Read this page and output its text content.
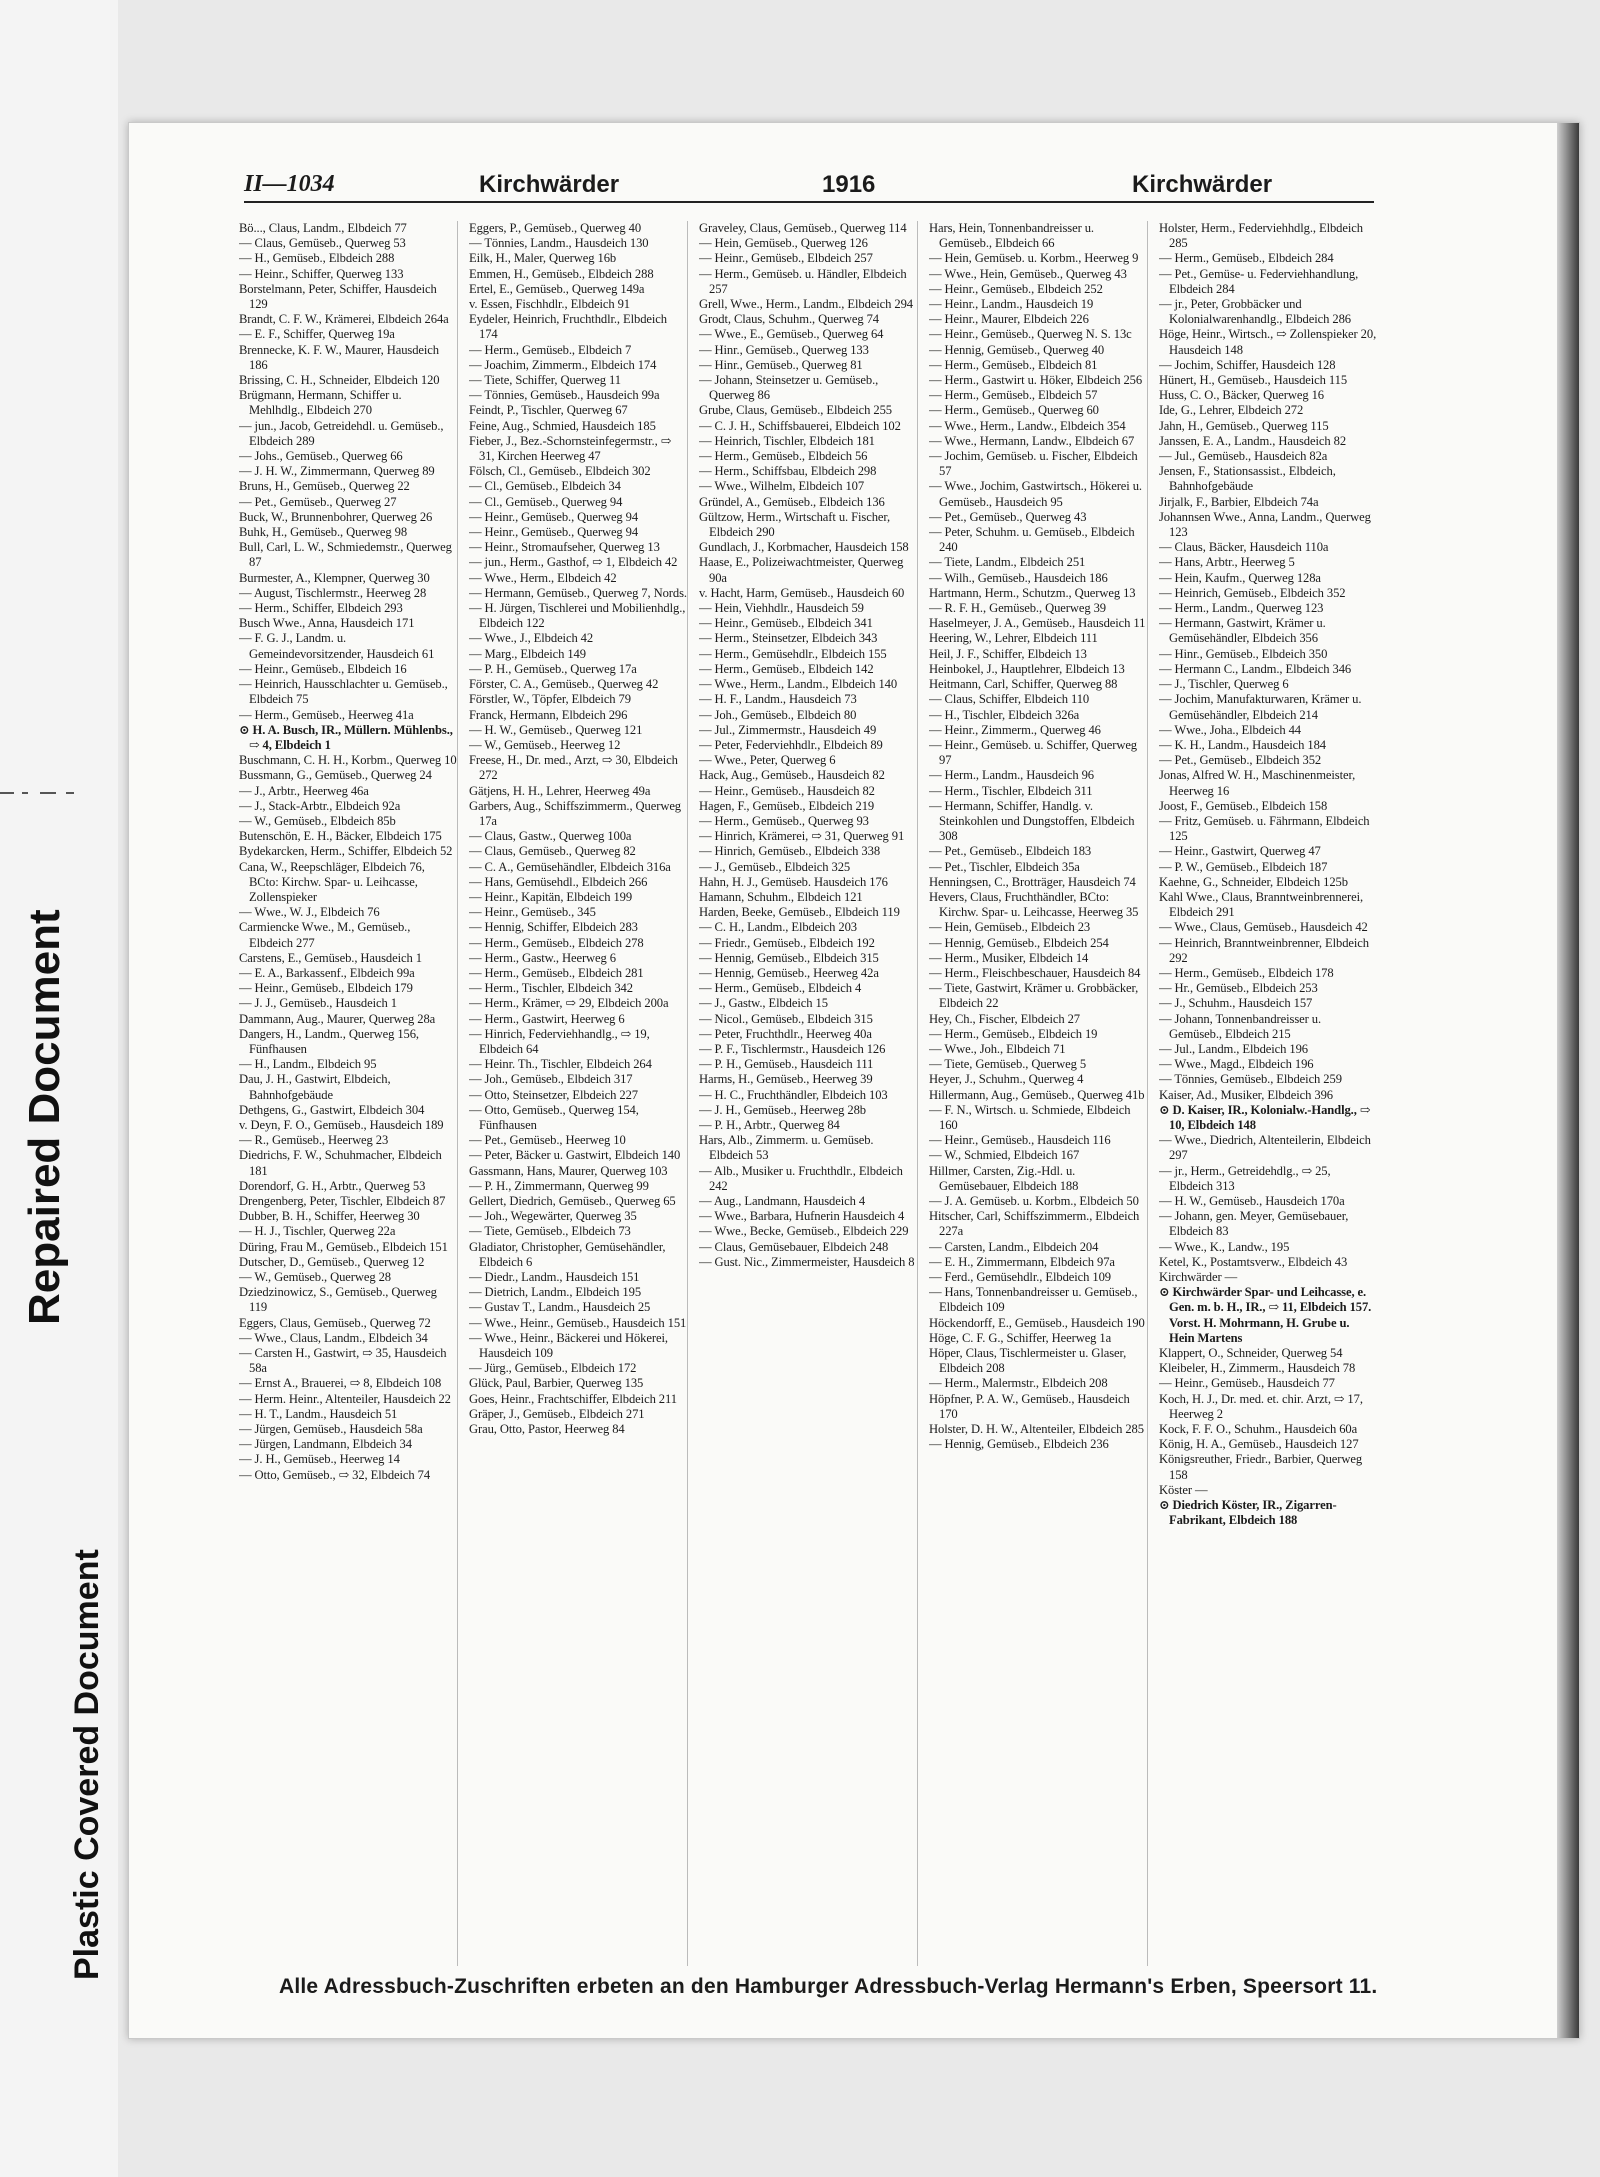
Repaired Document
Plastic Covered Document
II—1034	Kirchwärder	1916	Kirchwärder

Bö..., Claus, Landm., Elbdeich 77

— Claus, Gemüseb., Querweg 53

— H., Gemüseb., Elbdeich 288

— Heinr., Schiffer, Querweg 133

Borstelmann, Peter, Schiffer, Hausdeich 129

Brandt, C. F. W., Krämerei, Elbdeich 264a

— E. F., Schiffer, Querweg 19a

Brennecke, K. F. W., Maurer, Hausdeich 186

Brissing, C. H., Schneider, Elbdeich 120

Brügmann, Hermann, Schiffer u. Mehlhdlg., Elbdeich 270

— jun., Jacob, Getreidehdl. u. Gemüseb., Elbdeich 289

— Johs., Gemüseb., Querweg 66

— J. H. W., Zimmermann, Querweg 89

Bruns, H., Gemüseb., Querweg 22

— Pet., Gemüseb., Querweg 27

Buck, W., Brunnenbohrer, Querweg 26

Buhk, H., Gemüseb., Querweg 98

Bull, Carl, L. W., Schmiedemstr., Querweg 87

Burmester, A., Klempner, Querweg 30

— August, Tischlermstr., Heerweg 28

— Herm., Schiffer, Elbdeich 293

Busch Wwe., Anna, Hausdeich 171

— F. G. J., Landm. u. Gemeindevorsitzender, Hausdeich 61

— Heinr., Gemüseb., Elbdeich 16

— Heinrich, Hausschlachter u. Gemüseb., Elbdeich 75

— Herm., Gemüseb., Heerweg 41a

⊙ H. A. Busch, IR., Müllern. Mühlenbs., ⇨ 4, Elbdeich 1

Buschmann, C. H. H., Korbm., Querweg 10

Bussmann, G., Gemüseb., Querweg 24

— J., Arbtr., Heerweg 46a

— J., Stack-Arbtr., Elbdeich 92a

— W., Gemüseb., Elbdeich 85b

Butenschön, E. H., Bäcker, Elbdeich 175

Bydekarcken, Herm., Schiffer, Elbdeich 52

Cana, W., Reepschläger, Elbdeich 76, BCto: Kirchw. Spar- u. Leihcasse, Zollenspieker

— Wwe., W. J., Elbdeich 76

Carmiencke Wwe., M., Gemüseb., Elbdeich 277

Carstens, E., Gemüseb., Hausdeich 1

— E. A., Barkassenf., Elbdeich 99a

— Heinr., Gemüseb., Elbdeich 179

— J. J., Gemüseb., Hausdeich 1

Dammann, Aug., Maurer, Querweg 28a

Dangers, H., Landm., Querweg 156, Fünfhausen

— H., Landm., Elbdeich 95

Dau, J. H., Gastwirt, Elbdeich, Bahnhofgebäude

Dethgens, G., Gastwirt, Elbdeich 304

v. Deyn, F. O., Gemüseb., Hausdeich 189

— R., Gemüseb., Heerweg 23

Diedrichs, F. W., Schuhmacher, Elbdeich 181

Dorendorf, G. H., Arbtr., Querweg 53

Drengenberg, Peter, Tischler, Elbdeich 87

Dubber, B. H., Schiffer, Heerweg 30

— H. J., Tischler, Querweg 22a

Düring, Frau M., Gemüseb., Elbdeich 151

Dutscher, D., Gemüseb., Querweg 12

— W., Gemüseb., Querweg 28

Dziedzinowicz, S., Gemüseb., Querweg 119

Eggers, Claus, Gemüseb., Querweg 72

— Wwe., Claus, Landm., Elbdeich 34

— Carsten H., Gastwirt, ⇨ 35, Hausdeich 58a

— Ernst A., Brauerei, ⇨ 8, Elbdeich 108

— Herm. Heinr., Altenteiler, Hausdeich 22

— H. T., Landm., Hausdeich 51

— Jürgen, Gemüseb., Hausdeich 58a

— Jürgen, Landmann, Elbdeich 34

— J. H., Gemüseb., Heerweg 14

— Otto, Gemüseb., ⇨ 32, Elbdeich 74

Eggers, P., Gemüseb., Querweg 40

— Tönnies, Landm., Hausdeich 130

Eilk, H., Maler, Querweg 16b

Emmen, H., Gemüseb., Elbdeich 288

Ertel, E., Gemüseb., Querweg 149a

v. Essen, Fischhdlr., Elbdeich 91

Eydeler, Heinrich, Fruchthdlr., Elbdeich 174

— Herm., Gemüseb., Elbdeich 7

— Joachim, Zimmerm., Elbdeich 174

— Tiete, Schiffer, Querweg 11

— Tönnies, Gemüseb., Hausdeich 99a

Feindt, P., Tischler, Querweg 67

Feine, Aug., Schmied, Hausdeich 185

Fieber, J., Bez.-Schornsteinfegermstr., ⇨ 31, Kirchen Heerweg 47

Fölsch, Cl., Gemüseb., Elbdeich 302

— Cl., Gemüseb., Elbdeich 34

— Cl., Gemüseb., Querweg 94

— Heinr., Gemüseb., Querweg 94

— Heinr., Gemüseb., Querweg 94

— Heinr., Stromaufseher, Querweg 13

— jun., Herm., Gasthof, ⇨ 1, Elbdeich 42

— Wwe., Herm., Elbdeich 42

— Hermann, Gemüseb., Querweg 7, Nords.

— H. Jürgen, Tischlerei und Mobilienhdlg., Elbdeich 122

— Wwe., J., Elbdeich 42

— Marg., Elbdeich 149

— P. H., Gemüseb., Querweg 17a

Förster, C. A., Gemüseb., Querweg 42

Förstler, W., Töpfer, Elbdeich 79

Franck, Hermann, Elbdeich 296

— H. W., Gemüseb., Querweg 121

— W., Gemüseb., Heerweg 12

Freese, H., Dr. med., Arzt, ⇨ 30, Elbdeich 272

Gätjens, H. H., Lehrer, Heerweg 49a

Garbers, Aug., Schiffszimmerm., Querweg 17a

— Claus, Gastw., Querweg 100a

— Claus, Gemüseb., Querweg 82

— C. A., Gemüsehändler, Elbdeich 316a

— Hans, Gemüsehdl., Elbdeich 266

— Heinr., Kapitän, Elbdeich 199

— Heinr., Gemüseb., 345

— Hennig, Schiffer, Elbdeich 283

— Herm., Gemüseb., Elbdeich 278

— Herm., Gastw., Heerweg 6

— Herm., Gemüseb., Elbdeich 281

— Herm., Tischler, Elbdeich 342

— Herm., Krämer, ⇨ 29, Elbdeich 200a

— Herm., Gastwirt, Heerweg 6

— Hinrich, Federviehhandlg., ⇨ 19, Elbdeich 64

— Heinr. Th., Tischler, Elbdeich 264

— Joh., Gemüseb., Elbdeich 317

— Otto, Steinsetzer, Elbdeich 227

— Otto, Gemüseb., Querweg 154, Fünfhausen

— Pet., Gemüseb., Heerweg 10

— Peter, Bäcker u. Gastwirt, Elbdeich 140

Gassmann, Hans, Maurer, Querweg 103

— P. H., Zimmermann, Querweg 99

Gellert, Diedrich, Gemüseb., Querweg 65

— Joh., Wegewärter, Querweg 35

— Tiete, Gemüseb., Elbdeich 73

Gladiator, Christopher, Gemüsehändler, Elbdeich 6

— Diedr., Landm., Hausdeich 151

— Dietrich, Landm., Elbdeich 195

— Gustav T., Landm., Hausdeich 25

— Wwe., Heinr., Gemüseb., Hausdeich 151

— Wwe., Heinr., Bäckerei und Hökerei, Hausdeich 109

— Jürg., Gemüseb., Elbdeich 172

Glück, Paul, Barbier, Querweg 135

Goes, Heinr., Frachtschiffer, Elbdeich 211

Gräper, J., Gemüseb., Elbdeich 271

Grau, Otto, Pastor, Heerweg 84

Graveley, Claus, Gemüseb., Querweg 114

— Hein, Gemüseb., Querweg 126

— Heinr., Gemüseb., Elbdeich 257

— Herm., Gemüseb. u. Händler, Elbdeich 257

Grell, Wwe., Herm., Landm., Elbdeich 294

Grodt, Claus, Schuhm., Querweg 74

— Wwe., E., Gemüseb., Querweg 64

— Hinr., Gemüseb., Querweg 133

— Hinr., Gemüseb., Querweg 81

— Johann, Steinsetzer u. Gemüseb., Querweg 86

Grube, Claus, Gemüseb., Elbdeich 255

— C. J. H., Schiffsbauerei, Elbdeich 102

— Heinrich, Tischler, Elbdeich 181

— Herm., Gemüseb., Elbdeich 56

— Herm., Schiffsbau, Elbdeich 298

— Wwe., Wilhelm, Elbdeich 107

Gründel, A., Gemüseb., Elbdeich 136

Gültzow, Herm., Wirtschaft u. Fischer, Elbdeich 290

Gundlach, J., Korbmacher, Hausdeich 158

Haase, E., Polizeiwachtmeister, Querweg 90a

v. Hacht, Harm, Gemüseb., Hausdeich 60

— Hein, Viehhdlr., Hausdeich 59

— Heinr., Gemüseb., Elbdeich 341

— Herm., Steinsetzer, Elbdeich 343

— Herm., Gemüsehdlr., Elbdeich 155

— Herm., Gemüseb., Elbdeich 142

— Wwe., Herm., Landm., Elbdeich 140

— H. F., Landm., Hausdeich 73

— Joh., Gemüseb., Elbdeich 80

— Jul., Zimmermstr., Hausdeich 49

— Peter, Federviehhdlr., Elbdeich 89

— Wwe., Peter, Querweg 6

Hack, Aug., Gemüseb., Hausdeich 82

— Heinr., Gemüseb., Hausdeich 82

Hagen, F., Gemüseb., Elbdeich 219

— Herm., Gemüseb., Querweg 93

— Hinrich, Krämerei, ⇨ 31, Querweg 91

— Hinrich, Gemüseb., Elbdeich 338

— J., Gemüseb., Elbdeich 325

Hahn, H. J., Gemüseb. Hausdeich 176

Hamann, Schuhm., Elbdeich 121

Harden, Beeke, Gemüseb., Elbdeich 119

— C. H., Landm., Elbdeich 203

— Friedr., Gemüseb., Elbdeich 192

— Hennig, Gemüseb., Elbdeich 315

— Hennig, Gemüseb., Heerweg 42a

— Herm., Gemüseb., Elbdeich 4

— J., Gastw., Elbdeich 15

— Nicol., Gemüseb., Elbdeich 315

— Peter, Fruchthdlr., Heerweg 40a

— P. F., Tischlermstr., Hausdeich 126

— P. H., Gemüseb., Hausdeich 111

Harms, H., Gemüseb., Heerweg 39

— H. C., Fruchthändler, Elbdeich 103

— J. H., Gemüseb., Heerweg 28b

— P. H., Arbtr., Querweg 84

Hars, Alb., Zimmerm. u. Gemüseb. Elbdeich 53

— Alb., Musiker u. Fruchthdlr., Elbdeich 242

— Aug., Landmann, Hausdeich 4

— Wwe., Barbara, Hufnerin Hausdeich 4

— Wwe., Becke, Gemüseb., Elbdeich 229

— Claus, Gemüsebauer, Elbdeich 248

— Gust. Nic., Zimmermeister, Hausdeich 8

Hars, Hein, Tonnenbandreisser u. Gemüseb., Elbdeich 66

— Hein, Gemüseb. u. Korbm., Heerweg 9

— Wwe., Hein, Gemüseb., Querweg 43

— Heinr., Gemüseb., Elbdeich 252

— Heinr., Landm., Hausdeich 19

— Heinr., Maurer, Elbdeich 226

— Heinr., Gemüseb., Querweg N. S. 13c

— Hennig, Gemüseb., Querweg 40

— Herm., Gemüseb., Elbdeich 81

— Herm., Gastwirt u. Höker, Elbdeich 256

— Herm., Gemüseb., Elbdeich 57

— Herm., Gemüseb., Querweg 60

— Wwe., Herm., Landw., Elbdeich 354

— Wwe., Hermann, Landw., Elbdeich 67

— Jochim, Gemüseb. u. Fischer, Elbdeich 57

— Wwe., Jochim, Gastwirtsch., Hökerei u. Gemüseb., Hausdeich 95

— Pet., Gemüseb., Querweg 43

— Peter, Schuhm. u. Gemüseb., Elbdeich 240

— Tiete, Landm., Elbdeich 251

— Wilh., Gemüseb., Hausdeich 186

Hartmann, Herm., Schutzm., Querweg 13

— R. F. H., Gemüseb., Querweg 39

Haselmeyer, J. A., Gemüseb., Hausdeich 11

Heering, W., Lehrer, Elbdeich 111

Heil, J. F., Schiffer, Elbdeich 13

Heinbokel, J., Hauptlehrer, Elbdeich 13

Heitmann, Carl, Schiffer, Querweg 88

— Claus, Schiffer, Elbdeich 110

— H., Tischler, Elbdeich 326a

— Heinr., Zimmerm., Querweg 46

— Heinr., Gemüseb. u. Schiffer, Querweg 97

— Herm., Landm., Hausdeich 96

— Herm., Tischler, Elbdeich 311

— Hermann, Schiffer, Handlg. v. Steinkohlen und Dungstoffen, Elbdeich 308

— Pet., Gemüseb., Elbdeich 183

— Pet., Tischler, Elbdeich 35a

Henningsen, C., Brotträger, Hausdeich 74

Hevers, Claus, Fruchthändler, BCto: Kirchw. Spar- u. Leihcasse, Heerweg 35

— Hein, Gemüseb., Elbdeich 23

— Hennig, Gemüseb., Elbdeich 254

— Herm., Musiker, Elbdeich 14

— Herm., Fleischbeschauer, Hausdeich 84

— Tiete, Gastwirt, Krämer u. Grobbäcker, Elbdeich 22

Hey, Ch., Fischer, Elbdeich 27

— Herm., Gemüseb., Elbdeich 19

— Wwe., Joh., Elbdeich 71

— Tiete, Gemüseb., Querweg 5

Heyer, J., Schuhm., Querweg 4

Hillermann, Aug., Gemüseb., Querweg 41b

— F. N., Wirtsch. u. Schmiede, Elbdeich 160

— Heinr., Gemüseb., Hausdeich 116

— W., Schmied, Elbdeich 167

Hillmer, Carsten, Zig.-Hdl. u. Gemüsebauer, Elbdeich 188

— J. A. Gemüseb. u. Korbm., Elbdeich 50

Hitscher, Carl, Schiffszimmerm., Elbdeich 227a

— Carsten, Landm., Elbdeich 204

— E. H., Zimmermann, Elbdeich 97a

— Ferd., Gemüsehdlr., Elbdeich 109

— Hans, Tonnenbandreisser u. Gemüseb., Elbdeich 109

Höckendorff, E., Gemüseb., Hausdeich 190

Höge, C. F. G., Schiffer, Heerweg 1a

Höper, Claus, Tischlermeister u. Glaser, Elbdeich 208

— Herm., Malermstr., Elbdeich 208

Höpfner, P. A. W., Gemüseb., Hausdeich 170

Holster, D. H. W., Altenteiler, Elbdeich 285

— Hennig, Gemüseb., Elbdeich 236

Holster, Herm., Federviehhdlg., Elbdeich 285

— Herm., Gemüseb., Elbdeich 284

— Pet., Gemüse- u. Federviehhandlung, Elbdeich 284

— jr., Peter, Grobbäcker und Kolonialwarenhandlg., Elbdeich 286

Höge, Heinr., Wirtsch., ⇨ Zollenspieker 20, Hausdeich 148

— Jochim, Schiffer, Hausdeich 128

Hünert, H., Gemüseb., Hausdeich 115

Huss, C. O., Bäcker, Querweg 16

Ide, G., Lehrer, Elbdeich 272

Jahn, H., Gemüseb., Querweg 115

Janssen, E. A., Landm., Hausdeich 82

— Jul., Gemüseb., Hausdeich 82a

Jensen, F., Stationsassist., Elbdeich, Bahnhofgebäude

Jirjalk, F., Barbier, Elbdeich 74a

Johannsen Wwe., Anna, Landm., Querweg 123

— Claus, Bäcker, Hausdeich 110a

— Hans, Arbtr., Heerweg 5

— Hein, Kaufm., Querweg 128a

— Heinrich, Gemüseb., Elbdeich 352

— Herm., Landm., Querweg 123

— Hermann, Gastwirt, Krämer u. Gemüsehändler, Elbdeich 356

— Hinr., Gemüseb., Elbdeich 350

— Hermann C., Landm., Elbdeich 346

— J., Tischler, Querweg 6

— Jochim, Manufakturwaren, Krämer u. Gemüsehändler, Elbdeich 214

— Wwe., Joha., Elbdeich 44

— K. H., Landm., Hausdeich 184

— Pet., Gemüseb., Elbdeich 352

Jonas, Alfred W. H., Maschinenmeister, Heerweg 16

Joost, F., Gemüseb., Elbdeich 158

— Fritz, Gemüseb. u. Fährmann, Elbdeich 125

— Heinr., Gastwirt, Querweg 47

— P. W., Gemüseb., Elbdeich 187

Kaehne, G., Schneider, Elbdeich 125b

Kahl Wwe., Claus, Branntweinbrennerei, Elbdeich 291

— Wwe., Claus, Gemüseb., Hausdeich 42

— Heinrich, Branntweinbrenner, Elbdeich 292

— Herm., Gemüseb., Elbdeich 178

— Hr., Gemüseb., Elbdeich 253

— J., Schuhm., Hausdeich 157

— Johann, Tonnenbandreisser u. Gemüseb., Elbdeich 215

— Jul., Landm., Elbdeich 196

— Wwe., Magd., Elbdeich 196

— Tönnies, Gemüseb., Elbdeich 259

Kaiser, Ad., Musiker, Elbdeich 396

⊙ D. Kaiser, IR., Kolonialw.-Handlg., ⇨ 10, Elbdeich 148

— Wwe., Diedrich, Altenteilerin, Elbdeich 297

— jr., Herm., Getreidehdlg., ⇨ 25, Elbdeich 313

— H. W., Gemüseb., Hausdeich 170a

— Johann, gen. Meyer, Gemüsebauer, Elbdeich 83

— Wwe., K., Landw., 195

Ketel, K., Postamtsverw., Elbdeich 43

Kirchwärder —

⊙ Kirchwärder Spar- und Leihcasse, e. Gen. m. b. H., IR., ⇨ 11, Elbdeich 157. Vorst. H. Mohrmann, H. Grube u. Hein Martens

Klappert, O., Schneider, Querweg 54

Kleibeler, H., Zimmerm., Hausdeich 78

— Heinr., Gemüseb., Hausdeich 77

Koch, H. J., Dr. med. et. chir. Arzt, ⇨ 17, Heerweg 2

Kock, F. F. O., Schuhm., Hausdeich 60a

König, H. A., Gemüseb., Hausdeich 127

Königsreuther, Friedr., Barbier, Querweg 158

Köster —

⊙ Diedrich Köster, IR., Zigarren-Fabrikant, Elbdeich 188

Alle Adressbuch-Zuschriften erbeten an den Hamburger Adressbuch-Verlag Hermann's Erben, Speersort 11.
